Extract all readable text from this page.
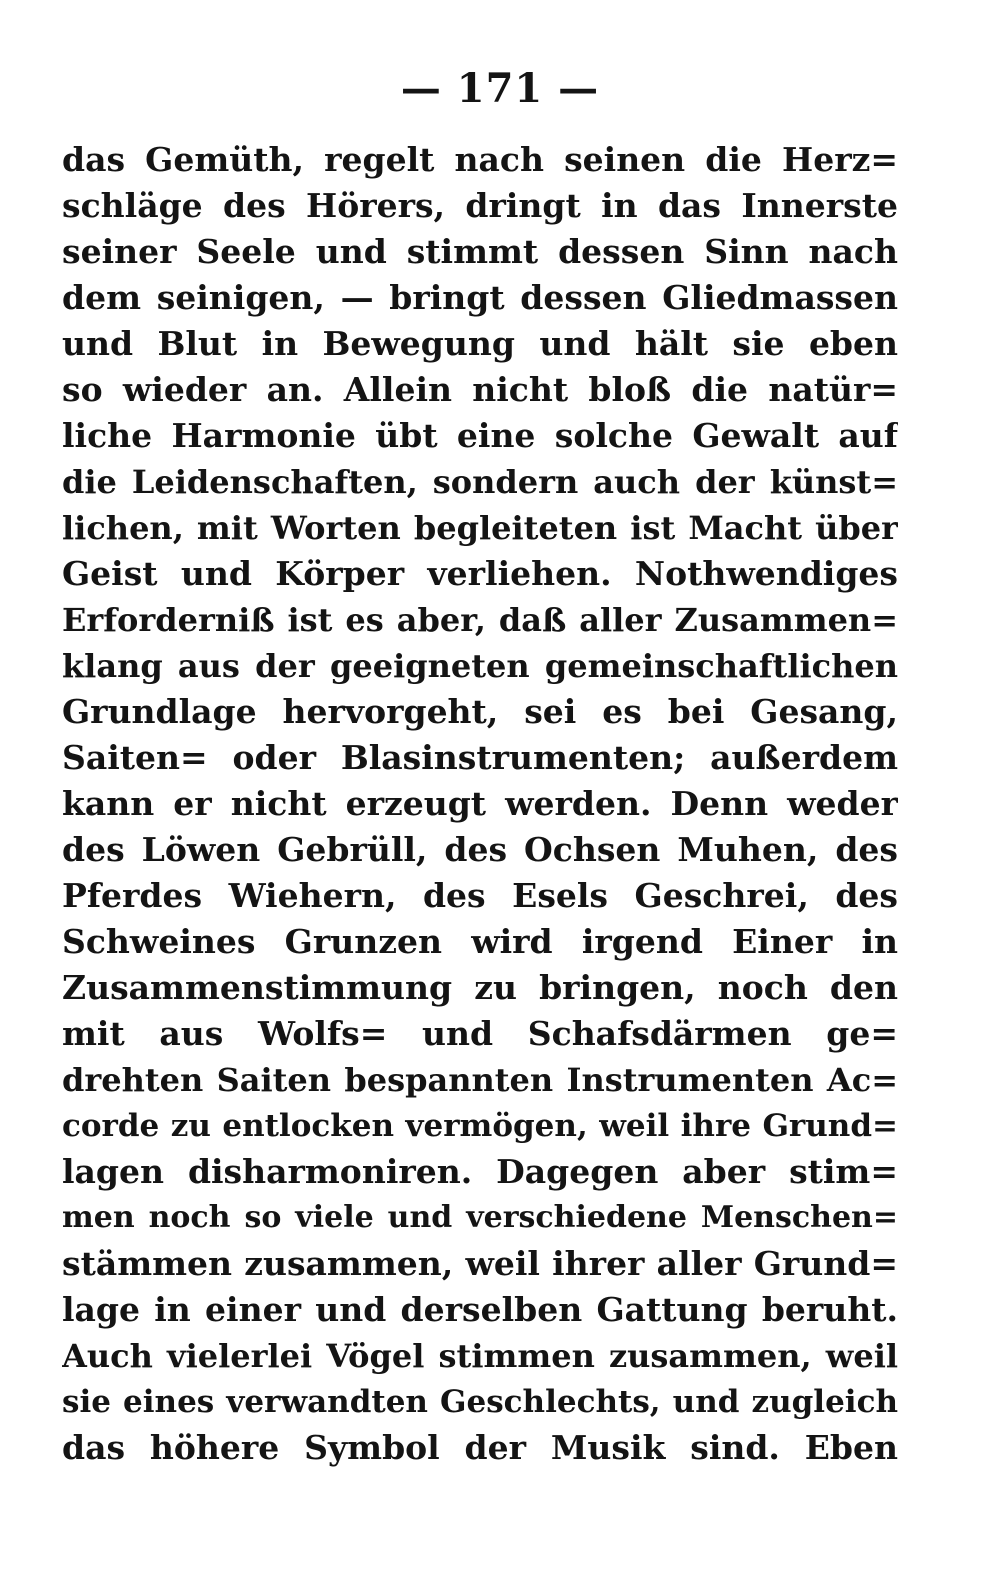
— 171 —
das Gemüth, regelt nach seinen die Herz=
schläge des Hörers, dringt in das Innerste
seiner Seele und stimmt dessen Sinn nach
dem seinigen, — bringt dessen Gliedmassen
und Blut in Bewegung und hält sie eben
so wieder an. Allein nicht bloß die natür=
liche Harmonie übt eine solche Gewalt auf
die Leidenschaften, sondern auch der künst=
lichen, mit Worten begleiteten ist Macht über
Geist und Körper verliehen. Nothwendiges
Erforderniß ist es aber, daß aller Zusammen=
klang aus der geeigneten gemeinschaftlichen
Grundlage hervorgeht, sei es bei Gesang,
Saiten= oder Blasinstrumenten; außerdem
kann er nicht erzeugt werden. Denn weder
des Löwen Gebrüll, des Ochsen Muhen, des
Pferdes Wiehern, des Esels Geschrei, des
Schweines Grunzen wird irgend Einer in
Zusammenstimmung zu bringen, noch den
mit aus Wolfs= und Schafsdärmen ge=
drehten Saiten bespannten Instrumenten Ac=
corde zu entlocken vermögen, weil ihre Grund=
lagen disharmoniren. Dagegen aber stim=
men noch so viele und verschiedene Menschen=
stämmen zusammen, weil ihrer aller Grund=
lage in einer und derselben Gattung beruht.
Auch vielerlei Vögel stimmen zusammen, weil
sie eines verwandten Geschlechts, und zugleich
das höhere Symbol der Musik sind. Eben
